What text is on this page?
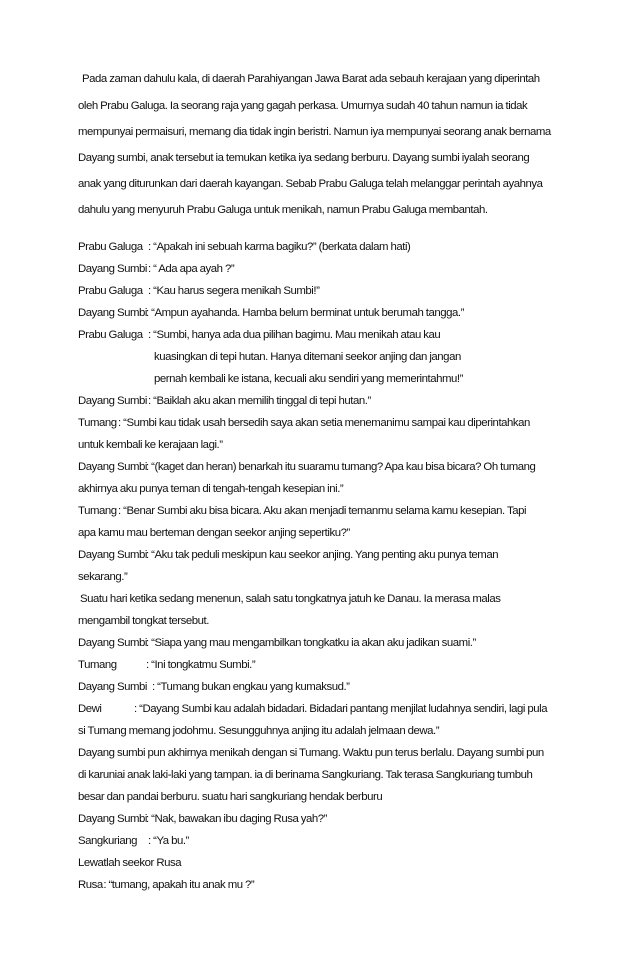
Pada zaman dahulu kala, di daerah Parahiyangan Jawa Barat ada sebauh kerajaan yang diperintah
oleh Prabu Galuga. Ia seorang raja yang gagah perkasa. Umurnya sudah 40 tahun namun ia tidak
mempunyai permaisuri, memang dia tidak ingin beristri. Namun iya mempunyai seorang anak bernama
Dayang sumbi, anak tersebut ia temukan ketika iya sedang berburu. Dayang sumbi iyalah seorang
anak yang diturunkan dari daerah kayangan. Sebab Prabu Galuga telah melanggar perintah ayahnya
dahulu yang menyuruh Prabu Galuga untuk menikah, namun Prabu Galuga membantah.
Prabu Galuga : “Apakah ini sebuah karma bagiku?” (berkata dalam hati)
Dayang Sumbi: “ Ada apa ayah ?”
Prabu Galuga : “Kau harus segera menikah Sumbi!”
Dayang Sumbi: “Ampun ayahanda. Hamba belum berminat untuk berumah tangga.”
Prabu Galuga : “Sumbi, hanya ada dua pilihan bagimu. Mau menikah atau kau
kuasingkan di tepi hutan. Hanya ditemani seekor anjing dan jangan
pernah kembali ke istana, kecuali aku sendiri yang memerintahmu!”
Dayang Sumbi: “Baiklah aku akan memilih tinggal di tepi hutan.”
Tumang: “Sumbi kau tidak usah bersedih saya akan setia menemanimu sampai kau diperintahkan
untuk kembali ke kerajaan lagi.”
Dayang Sumbi: “(kaget dan heran) benarkah itu suaramu tumang? Apa kau bisa bicara? Oh tumang
akhirnya aku punya teman di tengah-tengah kesepian ini.”
Tumang: “Benar Sumbi aku bisa bicara. Aku akan menjadi temanmu selama kamu kesepian. Tapi
apa kamu mau berteman dengan seekor anjing sepertiku?”
Dayang Sumbi: “Aku tak peduli meskipun kau seekor anjing. Yang penting aku punya teman
sekarang.”
Suatu hari ketika sedang menenun, salah satu tongkatnya jatuh ke Danau. Ia merasa malas
mengambil tongkat tersebut.
Dayang Sumbi: “Siapa yang mau mengambilkan tongkatku ia akan aku jadikan suami.”
Tumang	: “Ini tongkatmu Sumbi.”
Dayang Sumbi : “Tumang bukan engkau yang kumaksud.”
Dewi	: “Dayang Sumbi kau adalah bidadari. Bidadari pantang menjilat ludahnya sendiri, lagi pula
si Tumang memang jodohmu. Sesungguhnya anjing itu adalah jelmaan dewa.”
Dayang sumbi pun akhirnya menikah dengan si Tumang. Waktu pun terus berlalu. Dayang sumbi pun
di karuniai anak laki-laki yang tampan. ia di berinama Sangkuriang. Tak terasa Sangkuriang tumbuh
besar dan pandai berburu. suatu hari sangkuriang hendak berburu
Dayang Sumbi: “Nak, bawakan ibu daging Rusa yah?”
Sangkuriang : “Ya bu.”
Lewatlah seekor Rusa
Rusa : “tumang, apakah itu anak mu ?”
